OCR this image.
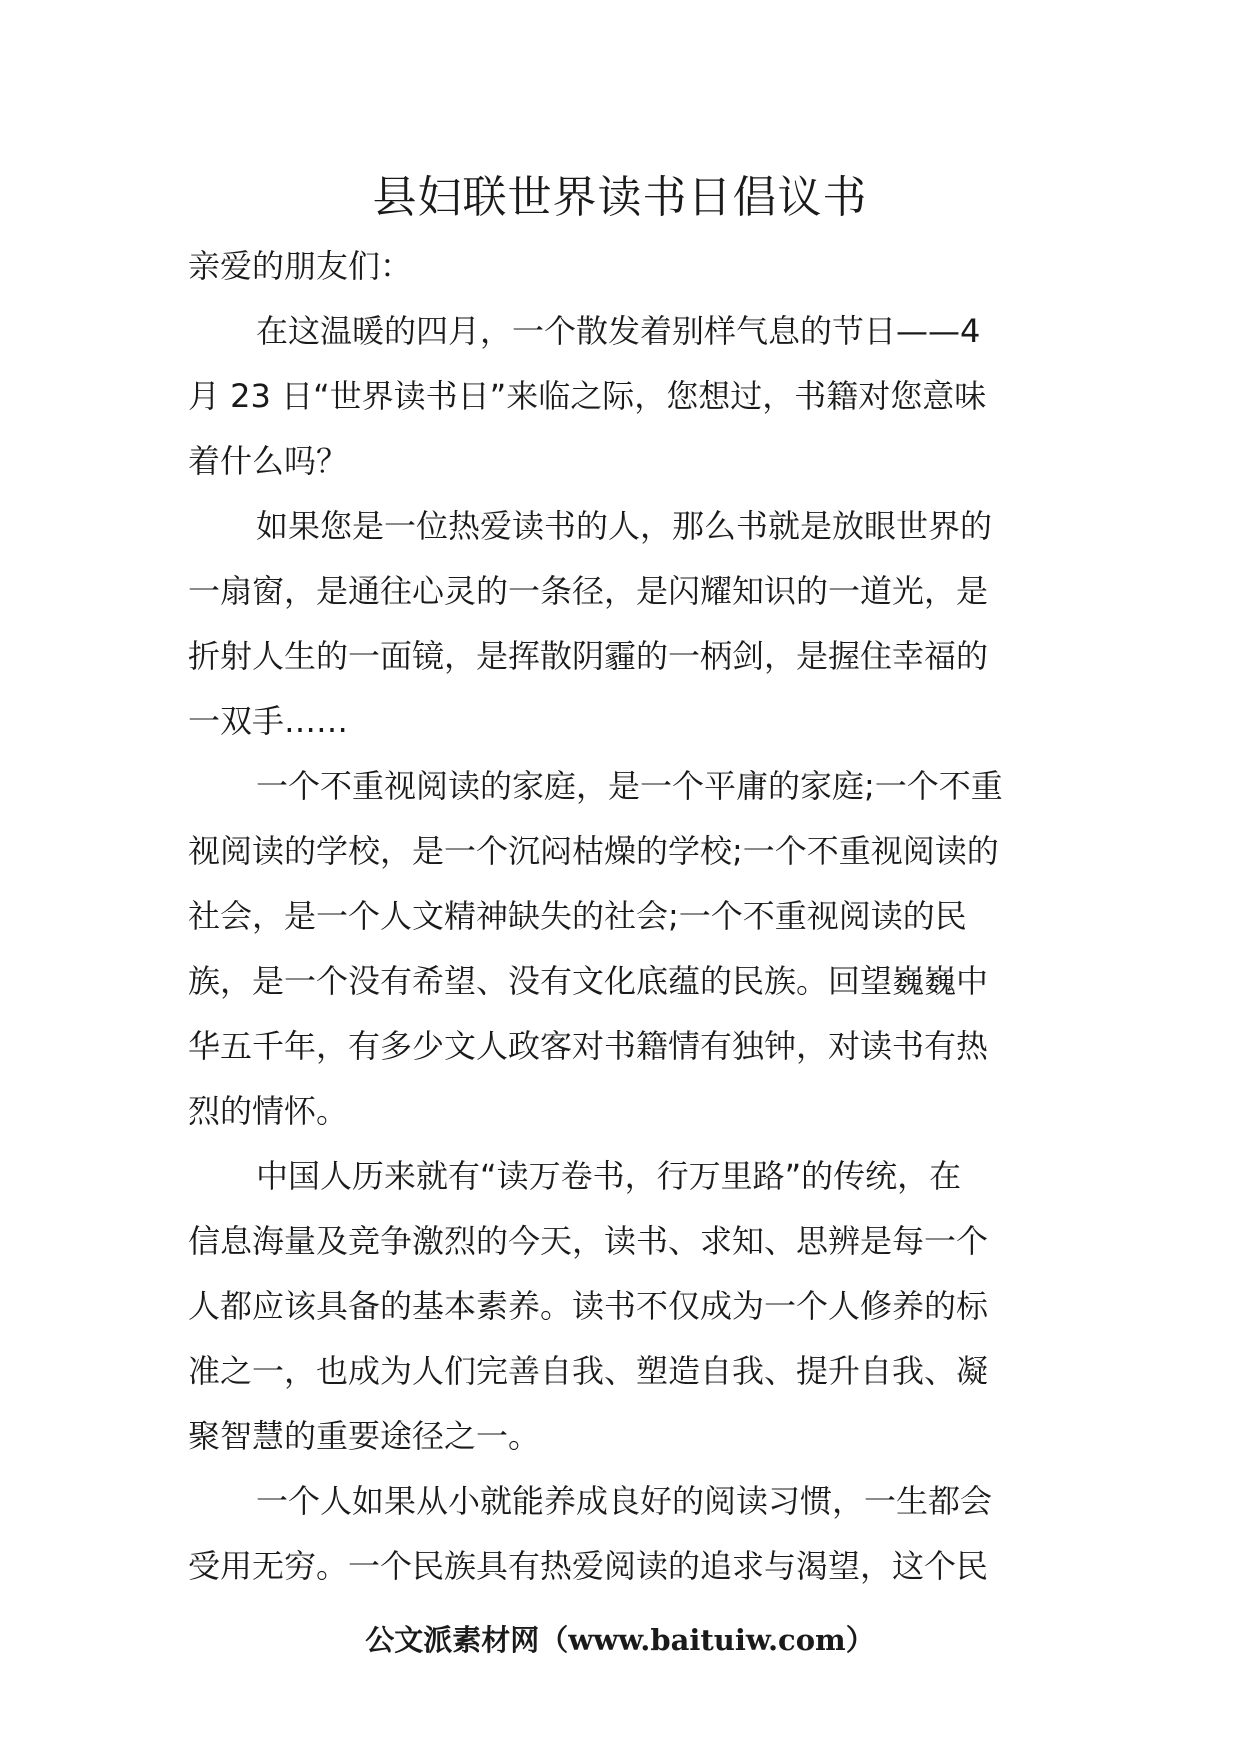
县妇联世界读书日倡议书

亲爱的朋友们：

在这温暖的四月，一个散发着别样气息的节日——4
月 23 日“世界读书日”来临之际，您想过，书籍对您意味
着什么吗？

如果您是一位热爱读书的人，那么书就是放眼世界的
一扇窗，是通往心灵的一条径，是闪耀知识的一道光，是
折射人生的一面镜，是挥散阴霾的一柄剑，是握住幸福的
一双手……

一个不重视阅读的家庭，是一个平庸的家庭;一个不重
视阅读的学校，是一个沉闷枯燥的学校;一个不重视阅读的
社会，是一个人文精神缺失的社会;一个不重视阅读的民
族，是一个没有希望、没有文化底蕴的民族。回望巍巍中
华五千年，有多少文人政客对书籍情有独钟，对读书有热
烈的情怀。

中国人历来就有“读万卷书，行万里路”的传统，在
信息海量及竞争激烈的今天，读书、求知、思辨是每一个
人都应该具备的基本素养。读书不仅成为一个人修养的标
准之一，也成为人们完善自我、塑造自我、提升自我、凝
聚智慧的重要途径之一。

一个人如果从小就能养成良好的阅读习惯，一生都会
受用无穷。一个民族具有热爱阅读的追求与渴望，这个民

公文派素材网（www.baituiw.com）
